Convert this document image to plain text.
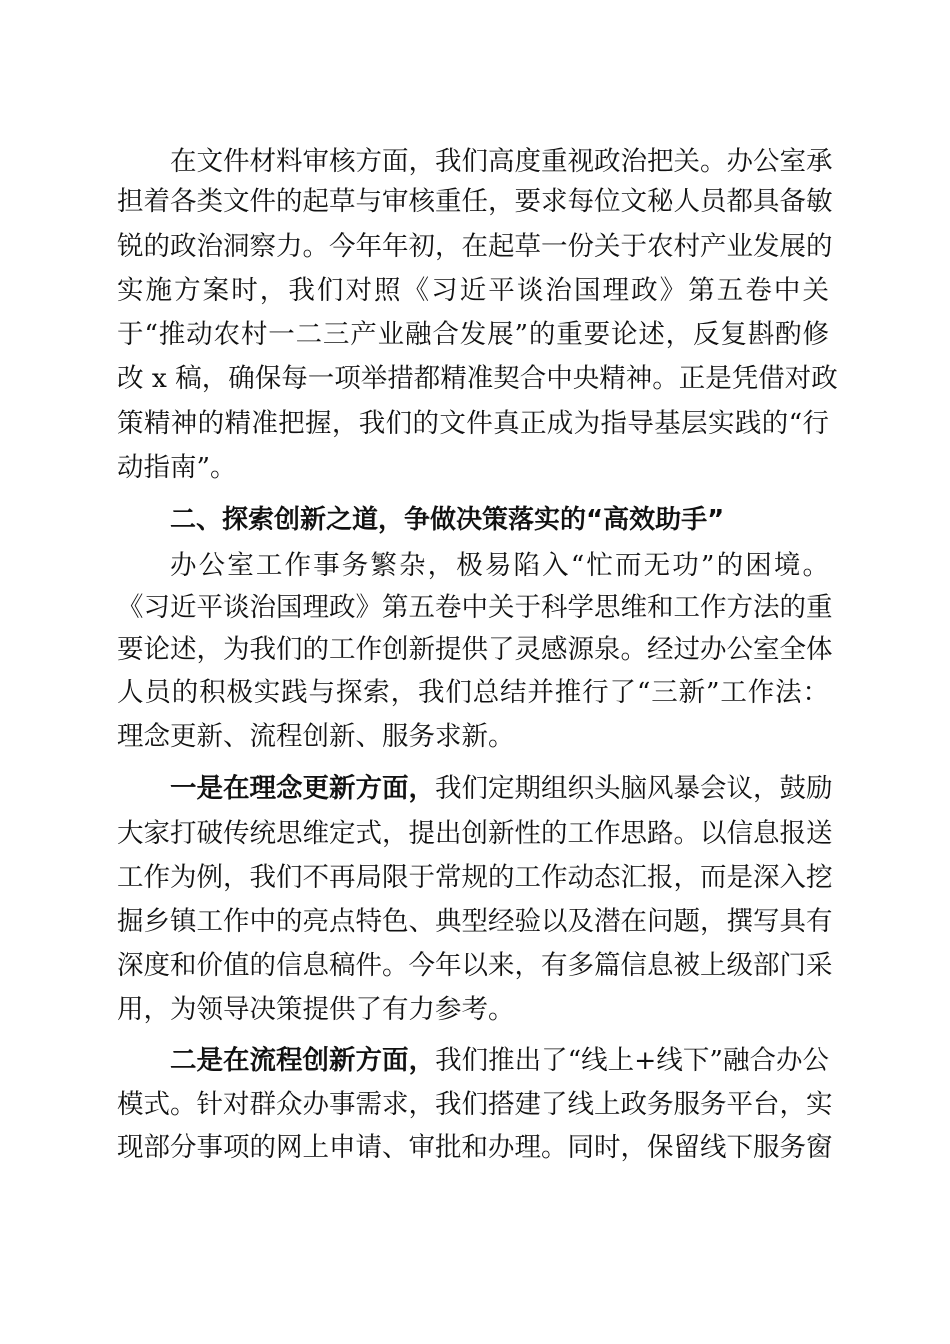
在文件材料审核方面，我们高度重视政治把关。办公室承

担着各类文件的起草与审核重任，要求每位文秘人员都具备敏

锐的政治洞察力。今年年初，在起草一份关于农村产业发展的

实施方案时，我们对照《习近平谈治国理政》第五卷中关

于“推动农村一二三产业融合发展”的重要论述，反复斟酌修

改 x 稿，确保每一项举措都精准契合中央精神。正是凭借对政

策精神的精准把握，我们的文件真正成为指导基层实践的“行

动指南”。

二、探索创新之道，争做决策落实的“高效助手”

办公室工作事务繁杂，极易陷入“忙而无功”的困境。

《习近平谈治国理政》第五卷中关于科学思维和工作方法的重

要论述，为我们的工作创新提供了灵感源泉。经过办公室全体

人员的积极实践与探索，我们总结并推行了“三新”工作法：

理念更新、流程创新、服务求新。

一是在理念更新方面，我们定期组织头脑风暴会议，鼓励

大家打破传统思维定式，提出创新性的工作思路。以信息报送

工作为例，我们不再局限于常规的工作动态汇报，而是深入挖

掘乡镇工作中的亮点特色、典型经验以及潜在问题，撰写具有

深度和价值的信息稿件。今年以来，有多篇信息被上级部门采

用，为领导决策提供了有力参考。

二是在流程创新方面，我们推出了“线上+线下”融合办公

模式。针对群众办事需求，我们搭建了线上政务服务平台，实

现部分事项的网上申请、审批和办理。同时，保留线下服务窗
